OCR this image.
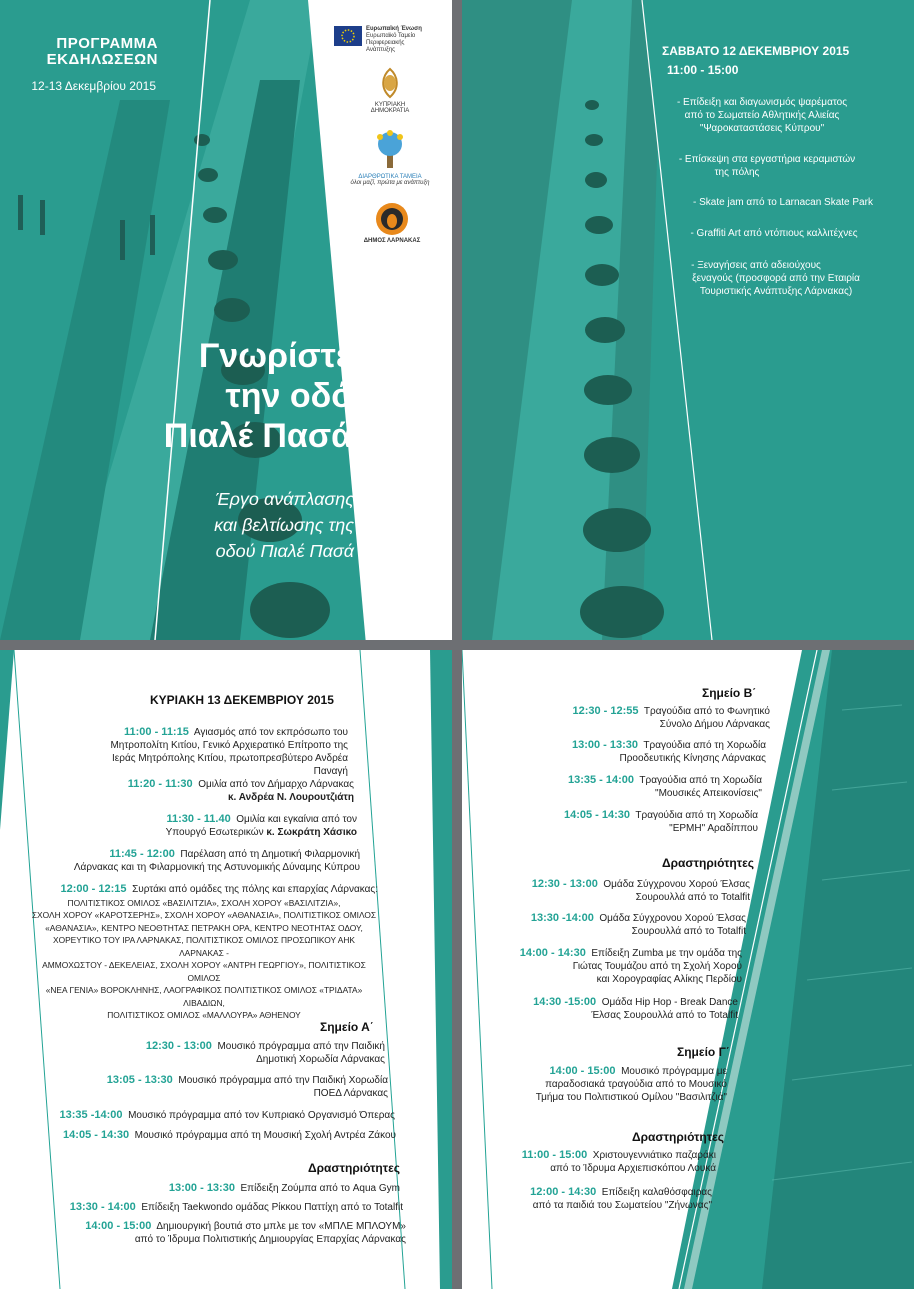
ΠΡΟΓΡΑΜΜΑ
ΕΚΔΗΛΩΣΕΩΝ
12-13 Δεκεμβρίου 2015
Ευρωπαϊκή Ένωση
Ευρωπαϊκό Ταμείο
Περιφερειακής Ανάπτυξης
ΚΥΠΡΙΑΚΗ ΔΗΜΟΚΡΑΤΙΑ
ΔΙΑΡΘΡΩΤΙΚΑ ΤΑΜΕΙΑ
όλοι μαζί, πρώτα με ανάπτυξη
ΔΗΜΟΣ ΛΑΡΝΑΚΑΣ
Γνωρίστε
την οδό
Πιαλέ Πασά
Έργο ανάπλασης
και βελτίωσης της
οδού Πιαλέ Πασά
ΣΑΒΒΑΤΟ 12 ΔΕΚΕΜΒΡΙΟΥ 2015
11:00 - 15:00
- Επίδειξη και διαγωνισμός ψαρέματος
από το Σωματείο Αθλητικής Αλιείας
"Ψαροκαταστάσεις Κύπρου"
- Επίσκεψη στα εργαστήρια κεραμιστών
της πόλης
- Skate jam από το Larnacan Skate Park
- Graffiti Art από ντόπιους καλλιτέχνες
- Ξεναγήσεις από αδειούχους
ξεναγούς (προσφορά από την Εταιρία
Τουριστικής Ανάπτυξης Λάρνακας)
ΚΥΡΙΑΚΗ 13 ΔΕΚΕΜΒΡΙΟΥ 2015
11:00 - 11:15 Αγιασμός από τον εκπρόσωπο του
Μητροπολίτη Κιτίου, Γενικό Αρχιερατικό Επίτροπο της
Ιεράς Μητρόπολης Κιτίου, πρωτοπρεσβύτερο Ανδρέα Παναγή
11:20 - 11:30 Ομιλία από τον Δήμαρχο Λάρνακας
κ. Ανδρέα Ν. Λουρουτζιάτη
11:30 - 11.40 Ομιλία και εγκαίνια από τον
Υπουργό Εσωτερικών κ. Σωκράτη Χάσικο
11:45 - 12:00 Παρέλαση από τη Δημοτική Φιλαρμονική
Λάρνακας και τη Φιλαρμονική της Αστυνομικής Δύναμης Κύπρου
12:00 - 12:15 Συρτάκι από ομάδες της πόλης και επαρχίας Λάρνακας:
ΠΟΛΙΤΙΣΤΙΚΟΣ ΟΜΙΛΟΣ «ΒΑΣΙΛΙΤΖΙΑ», ΣΧΟΛΗ ΧΟΡΟΥ «ΒΑΣΙΛΙΤΖΙΑ»,
ΣΧΟΛΗ ΧΟΡΟΥ «ΚΑΡΟΤΣΕΡΗΣ», ΣΧΟΛΗ ΧΟΡΟΥ «ΑΘΑΝΑΣΙΑ», ΠΟΛΙΤΙΣΤΙΚΟΣ ΟΜΙΛΟΣ
«ΑΘΑΝΑΣΙΑ», ΚΕΝΤΡΟ ΝΕΟΘΤΗΤΑΣ ΠΕΤΡΑΚΗ ΟΡΑ, ΚΕΝΤΡΟ ΝΕΟΤΗΤΑΣ ΟΔΟΥ,
ΧΟΡΕΥΤΙΚΟ ΤΟΥ ΙΡΑ ΛΑΡΝΑΚΑΣ, ΠΟΛΙΤΙΣΤΙΚΟΣ ΟΜΙΛΟΣ ΠΡΟΣΩΠΙΚΟΥ ΑΗΚ ΛΑΡΝΑΚΑΣ -
ΑΜΜΟΧΩΣΤΟΥ - ΔΕΚΕΛΕΙΑΣ, ΣΧΟΛΗ ΧΟΡΟΥ «ΑΝΤΡΗ ΓΕΩΡΓΙΟΥ», ΠΟΛΙΤΙΣΤΙΚΟΣ ΟΜΙΛΟΣ
«ΝΕΑ ΓΕΝΙΑ» ΒΟΡΟΚΛΗΝΗΣ, ΛΑΟΓΡΑΦΙΚΟΣ ΠΟΛΙΤΙΣΤΙΚΟΣ ΟΜΙΛΟΣ «ΤΡΙΔΑΤΑ» ΛΙΒΑΔΙΩΝ,
ΠΟΛΙΤΙΣΤΙΚΟΣ ΟΜΙΛΟΣ «ΜΑΛΛΟΥΡΑ» ΑΘΗΕΝΟΥ
Σημείο Α΄
12:30 - 13:00 Μουσικό πρόγραμμα από την Παιδική
Δημοτική Χορωδία Λάρνακας
13:05 - 13:30 Μουσικό πρόγραμμα από την Παιδική Χορωδία
ΠΟΕΔ Λάρνακας
13:35 -14:00 Μουσικό πρόγραμμα από τον Κυπριακό Οργανισμό Όπερας
14:05 - 14:30 Μουσικό πρόγραμμα από τη Μουσική Σχολή Αντρέα Ζάκου
Δραστηριότητες
13:00 - 13:30 Επίδειξη Ζούμπα από το Aqua Gym
13:30 - 14:00 Επίδειξη Taekwondo ομάδας Ρίκκου Παττίχη από το Totalfit
14:00 - 15:00 Δημιουργική βουτιά στο μπλε με τον «ΜΠΛΕ ΜΠΛΟΥΜ»
από το Ίδρυμα Πολιτιστικής Δημιουργίας Επαρχίας Λάρνακας
Σημείο Β΄
12:30 - 12:55 Τραγούδια από το Φωνητικό
Σύνολο Δήμου Λάρνακας
13:00 - 13:30 Τραγούδια από τη Χορωδία
Προοδευτικής Κίνησης Λάρνακας
13:35 - 14:00 Τραγούδια από τη Χορωδία
"Μουσικές Απεικονίσεις"
14:05 - 14:30 Τραγούδια από τη Χορωδία
"ΕΡΜΗ" Αραδίππου
Δραστηριότητες
12:30 - 13:00 Ομάδα Σύγχρονου Χορού Έλσας
Σουρουλλά από το Totalfit
13:30 -14:00 Ομάδα Σύγχρονου Χορού Έλσας
Σουρουλλά από το Totalfit
14:00 - 14:30 Επίδειξη Zumba με την ομάδα της
Γιώτας Τουμάζου από τη Σχολή Χορού
και Χορογραφίας Αλίκης Περδίου
14:30 -15:00 Ομάδα Hip Hop - Break Dance
Έλσας Σουρουλλά από το Totalfit
Σημείο Γ΄
14:00 - 15:00 Μουσικό πρόγραμμα με
παραδοσιακά τραγούδια από το Μουσικό
Τμήμα του Πολιτιστικού Ομίλου "Βασιλιτζιά"
Δραστηριότητες
11:00 - 15:00 Χριστουγεννιάτικο παζαράκι
από το Ίδρυμα Αρχιεπισκόπου Λουκά
12:00 - 14:30 Επίδειξη καλαθόσφαιρας
από τα παιδιά του Σωματείου "Ζήνωνας"
